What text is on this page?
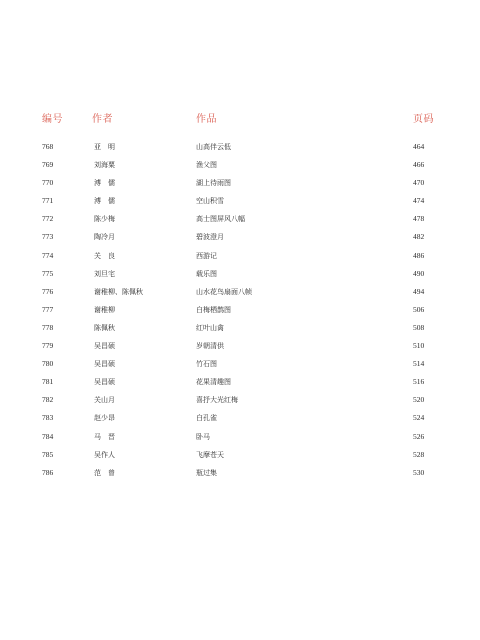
编号	作者	作品	页码
768	亚　明	山高伴云低	464
769	刘海粟	渔父图	466
770	溥　儒	湖上待雨图	470
771	溥　儒	空山积雪	474
772	陈少梅	高士图屏风八幅	478
773	陶冷月	碧波澄月	482
774	关　良	西游记	486
775	刘旦宅	载乐图	490
776	谢稚柳、陈佩秋	山水花鸟扇面八帧	494
777	谢稚柳	白梅栖鹊图	506
778	陈佩秋	红叶山禽	508
779	吴昌硕	岁朝清供	510
780	吴昌硕	竹石图	514
781	吴昌硕	花果清趣图	516
782	关山月	喜抒大光红梅	520
783	赵少昂	白孔雀	524
784	马　晋	卧马	526
785	吴作人	飞摩苍天	528
786	范　曾	瓶过集	530
